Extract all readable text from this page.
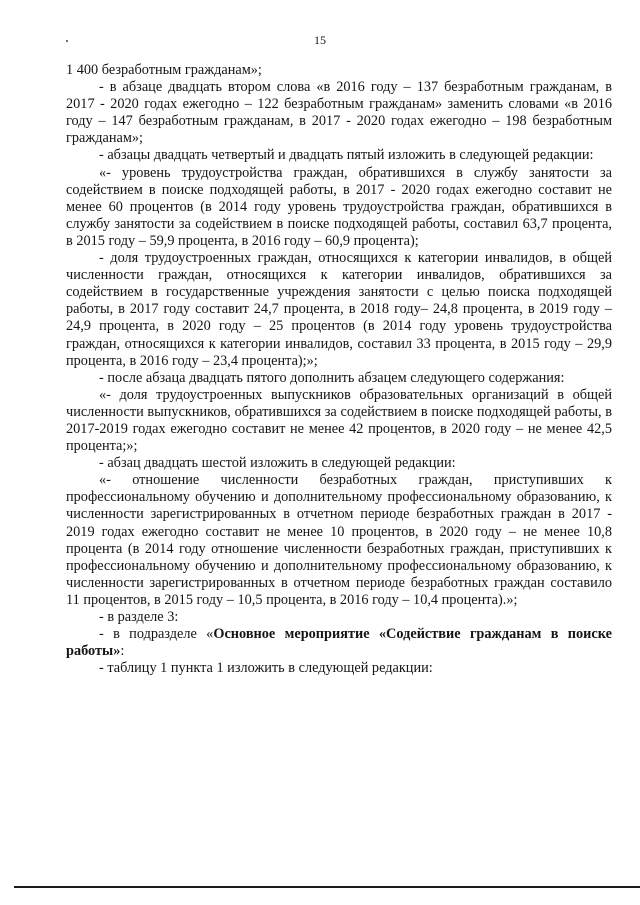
15

1 400 безработным гражданам»;

- в абзаце двадцать втором слова «в 2016 году – 137 безработным гражданам, в 2017 - 2020 годах ежегодно – 122 безработным гражданам» заменить словами «в 2016 году – 147 безработным гражданам, в 2017 - 2020 годах ежегодно – 198 безработным гражданам»;

- абзацы двадцать четвертый и двадцать пятый изложить в следующей редакции:

«- уровень трудоустройства граждан, обратившихся в службу занятости за содействием в поиске подходящей работы, в 2017 - 2020 годах ежегодно составит не менее 60 процентов (в 2014 году уровень трудоустройства граждан, обратившихся в службу занятости за содействием в поиске подходящей работы, составил 63,7 процента, в 2015 году – 59,9 процента, в 2016 году – 60,9 процента);

- доля трудоустроенных граждан, относящихся к категории инвалидов, в общей численности граждан, относящихся к категории инвалидов, обратившихся за содействием в государственные учреждения занятости с целью поиска подходящей работы, в 2017 году составит 24,7 процента, в 2018 году– 24,8 процента, в 2019 году – 24,9 процента, в 2020 году – 25 процентов (в 2014 году уровень трудоустройства граждан, относящихся к категории инвалидов, составил 33 процента, в 2015 году – 29,9 процента, в 2016 году – 23,4 процента);»;

- после абзаца двадцать пятого дополнить абзацем следующего содержания:

«- доля трудоустроенных выпускников образовательных организаций в общей численности выпускников, обратившихся за содействием в поиске подходящей работы, в 2017-2019 годах ежегодно составит не менее 42 процентов, в 2020 году – не менее 42,5 процента;»;

- абзац двадцать шестой изложить в следующей редакции:

«- отношение численности безработных граждан, приступивших к профессиональному обучению и дополнительному профессиональному образованию, к численности зарегистрированных в отчетном периоде безработных граждан в 2017 - 2019 годах ежегодно составит не менее 10 процентов, в 2020 году – не менее 10,8 процента (в 2014 году отношение численности безработных граждан, приступивших к профессиональному обучению и дополнительному профессиональному образованию, к численности зарегистрированных в отчетном периоде безработных граждан составило 11 процентов, в 2015 году – 10,5 процента, в 2016 году – 10,4 процента).»;

- в разделе 3:

- в подразделе «Основное мероприятие «Содействие гражданам в поиске работы»:

- таблицу 1 пункта 1 изложить в следующей редакции:
